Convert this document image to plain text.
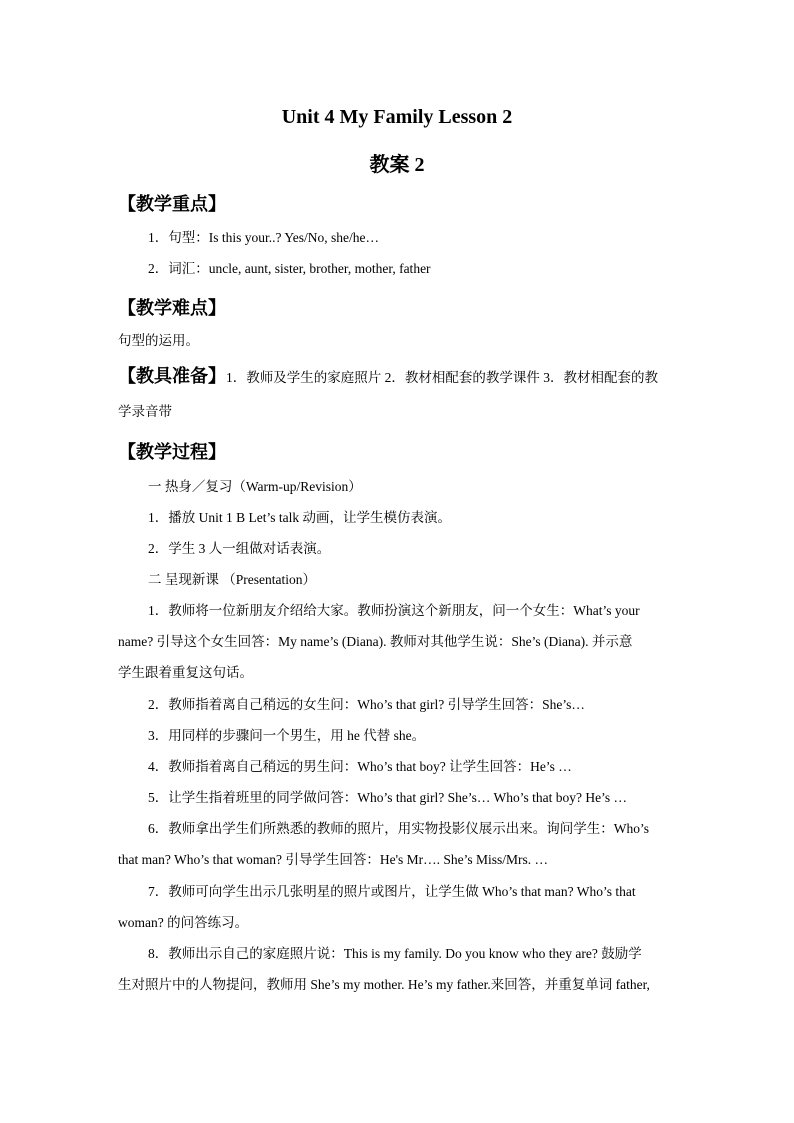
Unit 4 My Family Lesson 2
教案 2
【教学重点】
1．句型：Is this your..? Yes/No, she/he…
2．词汇：uncle, aunt, sister, brother, mother, father
【教学难点】
句型的运用。
【教具准备】1．教师及学生的家庭照片 2．教材相配套的教学课件 3．教材相配套的教
学录音带
【教学过程】
一 热身／复习（Warm-up/Revision）
1．播放 Unit 1 B Let’s talk 动画，让学生模仿表演。
2．学生 3 人一组做对话表演。
二 呈现新课 （Presentation）
1．教师将一位新朋友介绍给大家。教师扮演这个新朋友，问一个女生：What’s your
name? 引导这个女生回答：My name’s (Diana). 教师对其他学生说：She’s (Diana). 并示意
学生跟着重复这句话。
2．教师指着离自己稍远的女生问：Who’s that girl? 引导学生回答：She’s…
3．用同样的步骤问一个男生，用 he 代替 she。
4．教师指着离自己稍远的男生问：Who’s that boy? 让学生回答：He’s …
5．让学生指着班里的同学做问答：Who’s that girl? She’s… Who’s that boy? He’s …
6．教师拿出学生们所熟悉的教师的照片，用实物投影仪展示出来。询问学生：Who’s
that man? Who’s that woman? 引导学生回答：He's Mr…. She’s Miss/Mrs. …
7．教师可向学生出示几张明星的照片或图片，让学生做 Who’s that man? Who’s that
woman? 的问答练习。
8．教师出示自己的家庭照片说：This is my family. Do you know who they are? 鼓励学
生对照片中的人物提问，教师用 She’s my mother. He’s my father.来回答，并重复单词 father,
